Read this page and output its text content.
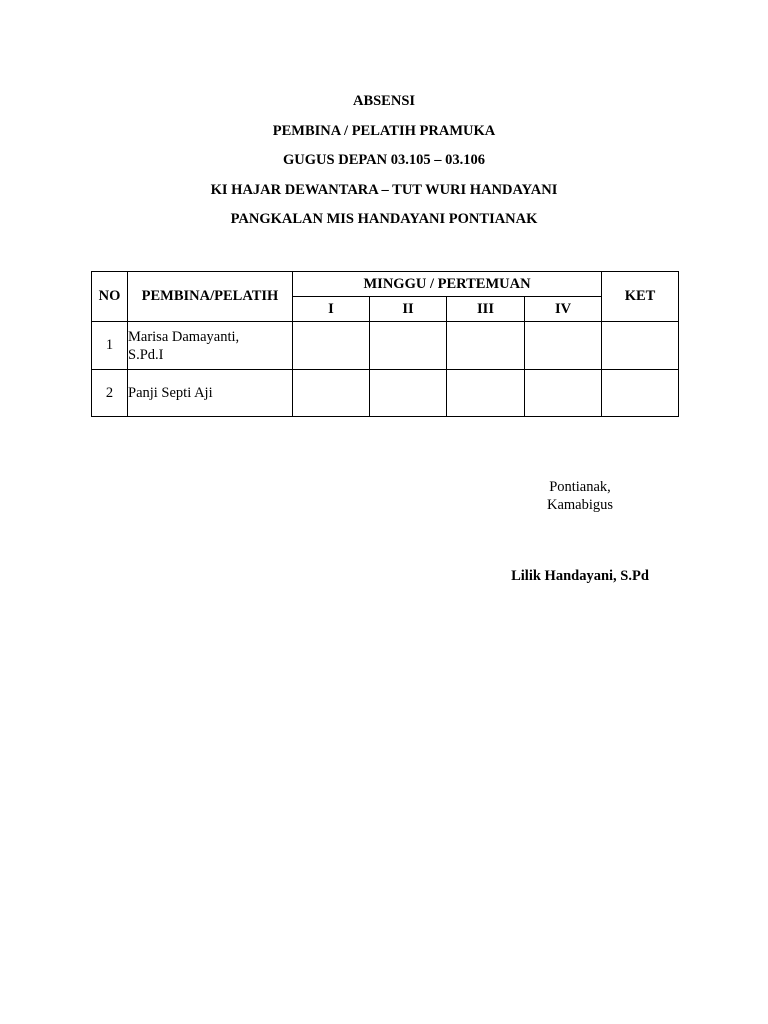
ABSENSI
PEMBINA / PELATIH PRAMUKA
GUGUS DEPAN 03.105 – 03.106
KI HAJAR DEWANTARA – TUT WURI HANDAYANI
PANGKALAN MIS HANDAYANI PONTIANAK
NO	PEMBINA/PELATIH	MINGGU / PERTEMUAN				KET
		I	II	III	IV	
1	Marisa Damayanti,
S.Pd.I					

2	Panji Septi Aji					

Pontianak,
Kamabigus
Lilik Handayani, S.Pd
